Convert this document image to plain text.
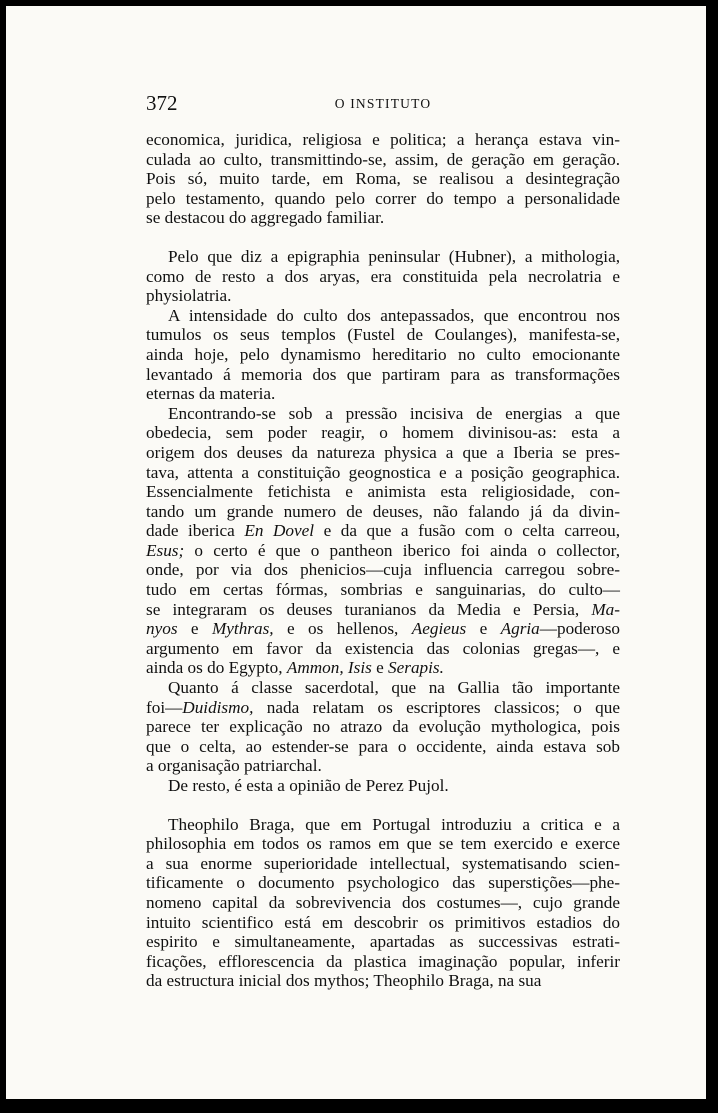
372	O INSTITUTO
economica, juridica, religiosa e politica; a herança estava vin-
culada ao culto, transmittindo-se, assim, de geração em geração.
Pois só, muito tarde, em Roma, se realisou a desintegração
pelo testamento, quando pelo correr do tempo a personalidade
se destacou do aggregado familiar.
Pelo que diz a epigraphia peninsular (Hubner), a mithologia,
como de resto a dos aryas, era constituida pela necrolatria e
physiolatria.
A intensidade do culto dos antepassados, que encontrou nos
tumulos os seus templos (Fustel de Coulanges), manifesta-se,
ainda hoje, pelo dynamismo hereditario no culto emocionante
levantado á memoria dos que partiram para as transformações
eternas da materia.
Encontrando-se sob a pressão incisiva de energias a que
obedecia, sem poder reagir, o homem divinisou-as: esta a
origem dos deuses da natureza physica a que a Iberia se pres-
tava, attenta a constituição geognostica e a posição geographica.
Essencialmente fetichista e animista esta religiosidade, con-
tando um grande numero de deuses, não falando já da divin-
dade iberica En Dovel e da que a fusão com o celta carreou,
Esus; o certo é que o pantheon iberico foi ainda o collector,
onde, por via dos phenicios—cuja influencia carregou sobre-
tudo em certas fórmas, sombrias e sanguinarias, do culto—
se integraram os deuses turanianos da Media e Persia, Ma-
nyos e Mythras, e os hellenos, Aegieus e Agria—poderoso
argumento em favor da existencia das colonias gregas—, e
ainda os do Egypto, Ammon, Isis e Serapis.
Quanto á classe sacerdotal, que na Gallia tão importante
foi—Duidismo, nada relatam os escriptores classicos; o que
parece ter explicação no atrazo da evolução mythologica, pois
que o celta, ao estender-se para o occidente, ainda estava sob
a organisação patriarchal.
De resto, é esta a opinião de Perez Pujol.
Theophilo Braga, que em Portugal introduziu a critica e a
philosophia em todos os ramos em que se tem exercido e exerce
a sua enorme superioridade intellectual, systematisando scien-
tificamente o documento psychologico das superstições—phe-
nomeno capital da sobrevivencia dos costumes—, cujo grande
intuito scientifico está em descobrir os primitivos estadios do
espirito e simultaneamente, apartadas as successivas estrati-
ficações, efflorescencia da plastica imaginação popular, inferir
da estructura inicial dos mythos; Theophilo Braga, na sua
